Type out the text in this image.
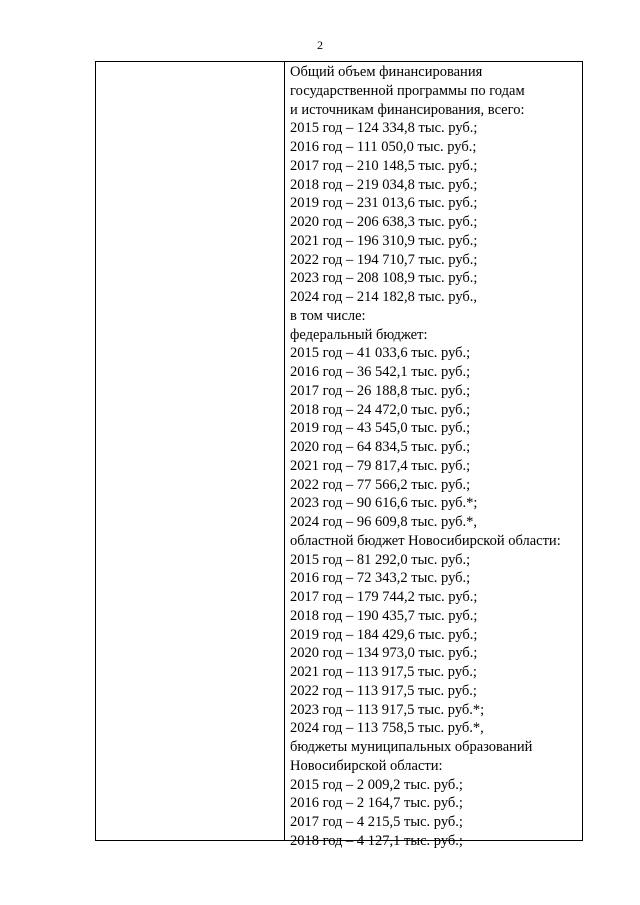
2
Общий объем финансирования
государственной программы по годам
и источникам финансирования, всего:
2015 год – 124 334,8 тыс. руб.;
2016 год – 111 050,0 тыс. руб.;
2017 год – 210 148,5 тыс. руб.;
2018 год – 219 034,8 тыс. руб.;
2019 год – 231 013,6 тыс. руб.;
2020 год – 206 638,3 тыс. руб.;
2021 год – 196 310,9 тыс. руб.;
2022 год – 194 710,7 тыс. руб.;
2023 год – 208 108,9 тыс. руб.;
2024 год – 214 182,8 тыс. руб.,
в том числе:
федеральный бюджет:
2015 год – 41 033,6 тыс. руб.;
2016 год – 36 542,1 тыс. руб.;
2017 год – 26 188,8 тыс. руб.;
2018 год – 24 472,0 тыс. руб.;
2019 год – 43 545,0 тыс. руб.;
2020 год – 64 834,5 тыс. руб.;
2021 год – 79 817,4 тыс. руб.;
2022 год – 77 566,2 тыс. руб.;
2023 год – 90 616,6 тыс. руб.*;
2024 год – 96 609,8 тыс. руб.*,
областной бюджет Новосибирской области:
2015 год – 81 292,0 тыс. руб.;
2016 год – 72 343,2 тыс. руб.;
2017 год – 179 744,2 тыс. руб.;
2018 год – 190 435,7 тыс. руб.;
2019 год – 184 429,6 тыс. руб.;
2020 год – 134 973,0 тыс. руб.;
2021 год – 113 917,5 тыс. руб.;
2022 год – 113 917,5 тыс. руб.;
2023 год – 113 917,5 тыс. руб.*;
2024 год – 113 758,5 тыс. руб.*,
бюджеты муниципальных образований
Новосибирской области:
2015 год – 2 009,2 тыс. руб.;
2016 год – 2 164,7 тыс. руб.;
2017 год – 4 215,5 тыс. руб.;
2018 год – 4 127,1 тыс. руб.;
